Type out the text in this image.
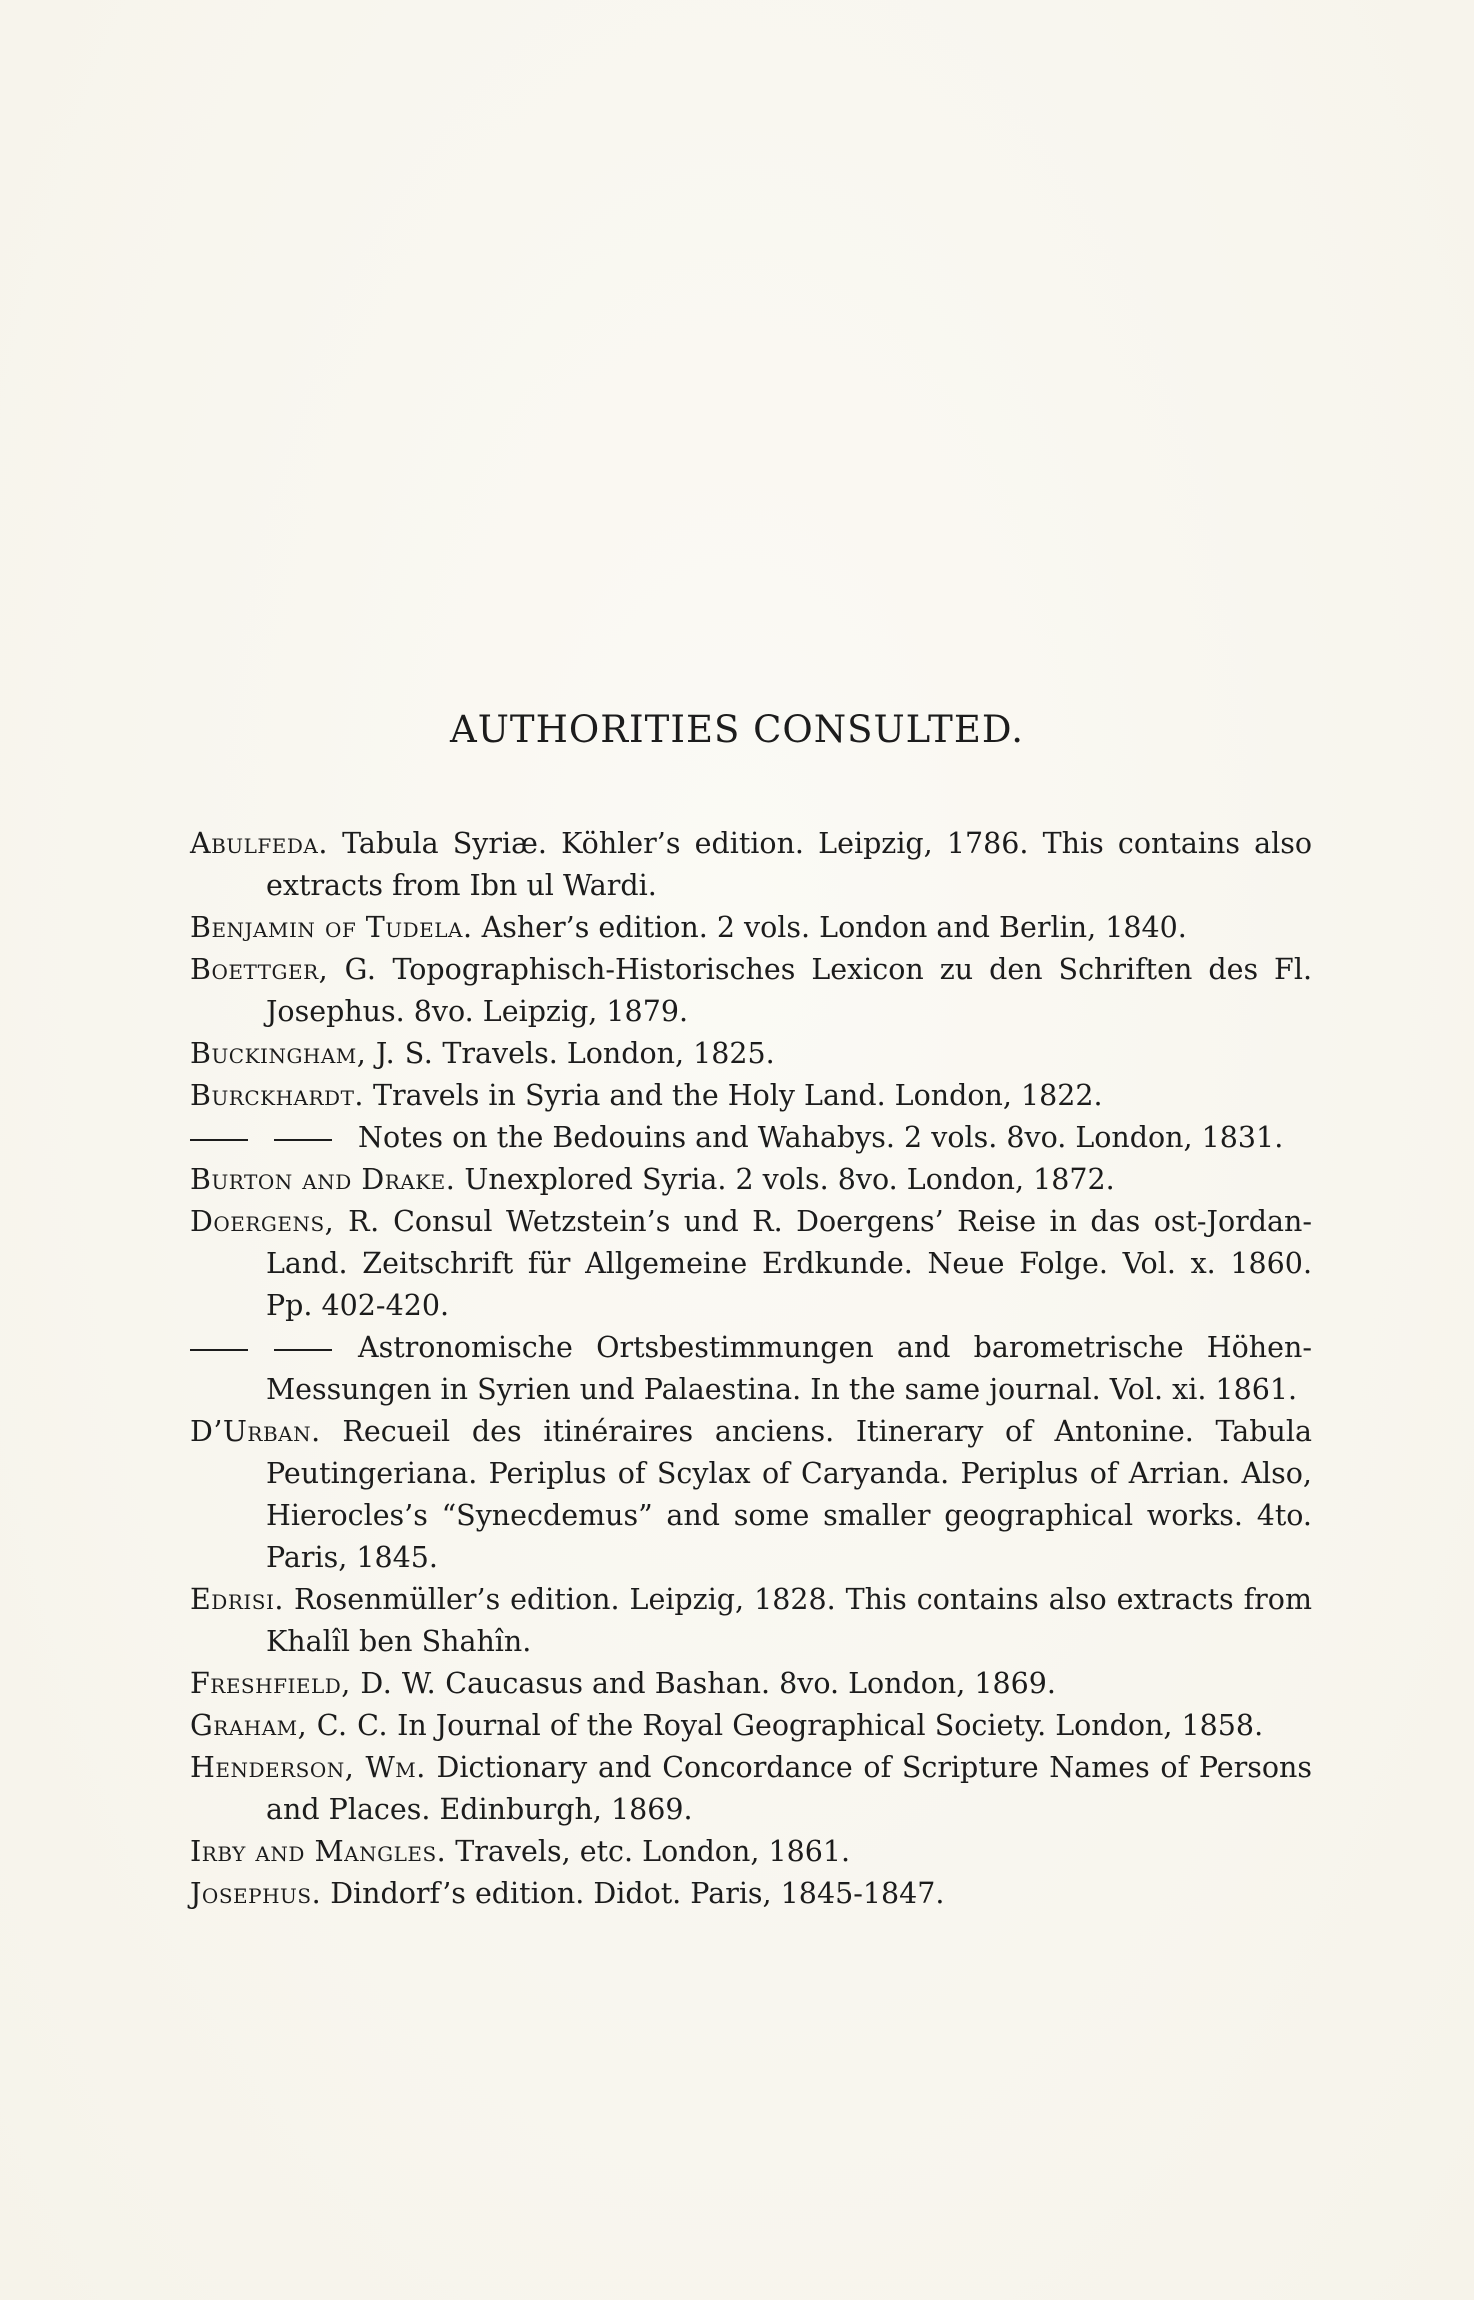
AUTHORITIES CONSULTED.

Abulfeda. Tabula Syriæ. Köhler’s edition. Leipzig, 1786. This contains also extracts from Ibn ul Wardi.

Benjamin of Tudela. Asher’s edition. 2 vols. London and Berlin, 1840.

Boettger, G. Topographisch-Historisches Lexicon zu den Schriften des Fl. Josephus. 8vo. Leipzig, 1879.

Buckingham, J. S. Travels. London, 1825.

Burckhardt. Travels in Syria and the Holy Land. London, 1822.

Notes on the Bedouins and Wahabys. 2 vols. 8vo. London, 1831.

Burton and Drake. Unexplored Syria. 2 vols. 8vo. London, 1872.

Doergens, R. Consul Wetzstein’s und R. Doergens’ Reise in das ost-Jordan-Land. Zeitschrift für Allgemeine Erdkunde. Neue Folge. Vol. x. 1860. Pp. 402-420.

Astronomische Ortsbestimmungen and barometrische Höhen-Messungen in Syrien und Palaestina. In the same journal. Vol. xi. 1861.

D’Urban. Recueil des itinéraires anciens. Itinerary of Antonine. Tabula Peutingeriana. Periplus of Scylax of Caryanda. Periplus of Arrian. Also, Hierocles’s “Synecdemus” and some smaller geographical works. 4to. Paris, 1845.

Edrisi. Rosenmüller’s edition. Leipzig, 1828. This contains also extracts from Khalîl ben Shahîn.

Freshfield, D. W. Caucasus and Bashan. 8vo. London, 1869.

Graham, C. C. In Journal of the Royal Geographical Society. London, 1858.

Henderson, Wm. Dictionary and Concordance of Scripture Names of Persons and Places. Edinburgh, 1869.

Irby and Mangles. Travels, etc. London, 1861.

Josephus. Dindorf’s edition. Didot. Paris, 1845-1847.
